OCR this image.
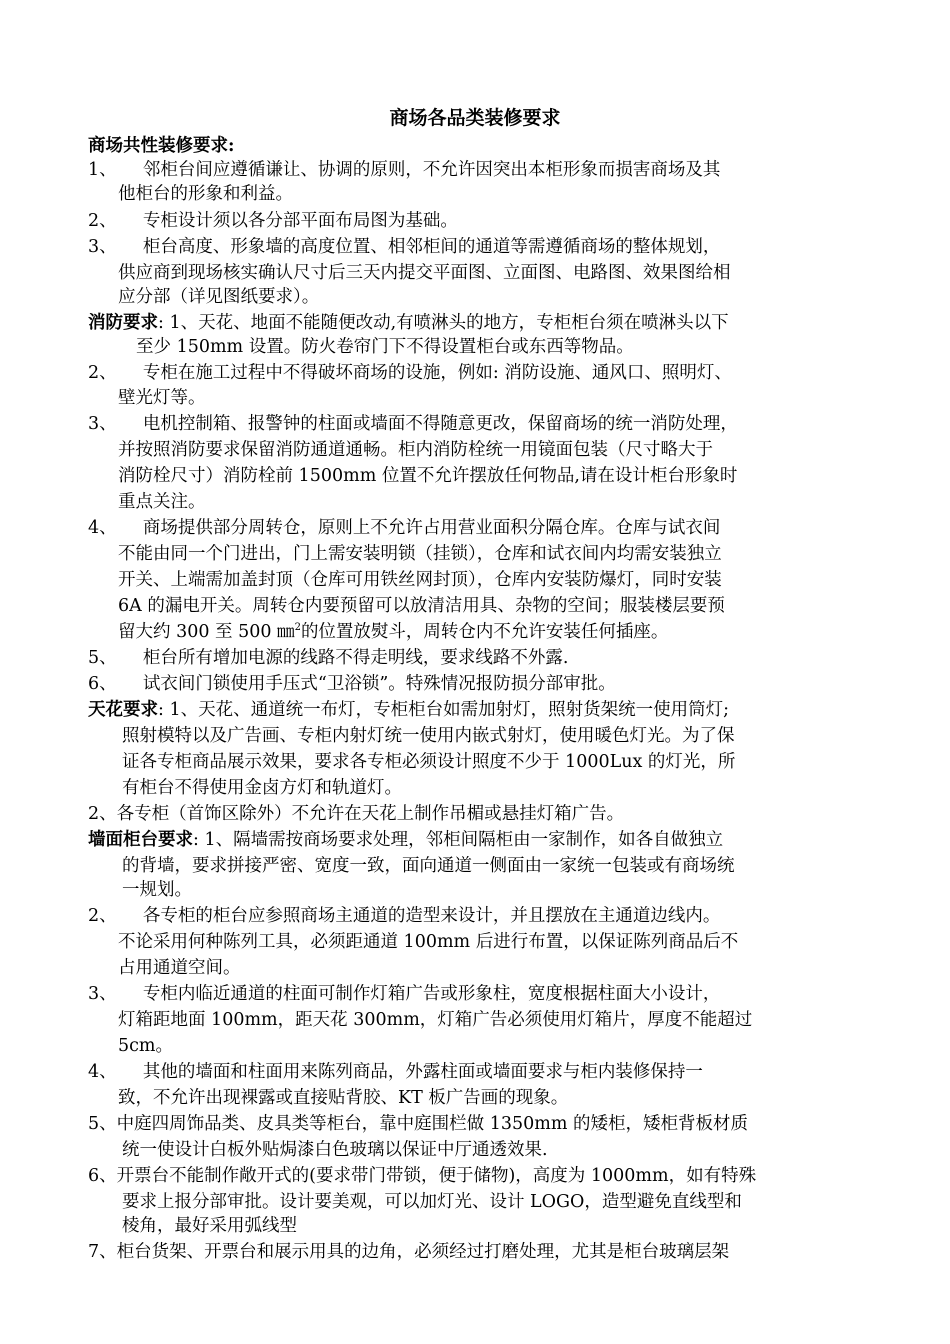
商场各品类装修要求
商场共性装修要求:
1、　　邻柜台间应遵循谦让、协调的原则，不允许因突出本柜形象而损害商场及其
他柜台的形象和利益。
2、　　专柜设计须以各分部平面布局图为基础。
3、　　柜台高度、形象墙的高度位置、相邻柜间的通道等需遵循商场的整体规划，
供应商到现场核实确认尺寸后三天内提交平面图、立面图、电路图、效果图给相
应分部（详见图纸要求）。
消防要求: 1、天花、地面不能随便改动,有喷淋头的地方，专柜柜台须在喷淋头以下
至少 150mm 设置。防火卷帘门下不得设置柜台或东西等物品。
2、　　专柜在施工过程中不得破坏商场的设施，例如: 消防设施、通风口、照明灯、
壁光灯等。
3、　　电机控制箱、报警钟的柱面或墙面不得随意更改，保留商场的统一消防处理，
并按照消防要求保留消防通道通畅。柜内消防栓统一用镜面包装（尺寸略大于
消防栓尺寸）消防栓前 1500mm 位置不允许摆放任何物品,请在设计柜台形象时
重点关注。
4、　　商场提供部分周转仓，原则上不允许占用营业面积分隔仓库。仓库与试衣间
不能由同一个门进出，门上需安装明锁（挂锁），仓库和试衣间内均需安装独立
开关、上端需加盖封顶（仓库可用铁丝网封顶），仓库内安装防爆灯，同时安装
6A 的漏电开关。周转仓内要预留可以放清洁用具、杂物的空间；服装楼层要预
留大约 300 至 500 ㎜$^2$的位置放熨斗，周转仓内不允许安装任何插座。
5、　　柜台所有增加电源的线路不得走明线，要求线路不外露.
6、　　试衣间门锁使用手压式“卫浴锁”。特殊情况报防损分部审批。
天花要求: 1、天花、通道统一布灯，专柜柜台如需加射灯，照射货架统一使用筒灯;
照射模特以及广告画、专柜内射灯统一使用内嵌式射灯，使用暖色灯光。为了保
证各专柜商品展示效果，要求各专柜必须设计照度不少于 1000Lux 的灯光，所
有柜台不得使用金卤方灯和轨道灯。
2、各专柜（首饰区除外）不允许在天花上制作吊楣或悬挂灯箱广告。
墙面柜台要求: 1、隔墙需按商场要求处理，邻柜间隔柜由一家制作，如各自做独立
的背墙，要求拼接严密、宽度一致，面向通道一侧面由一家统一包装或有商场统
一规划。
2、　　各专柜的柜台应参照商场主通道的造型来设计，并且摆放在主通道边线内。
不论采用何种陈列工具，必须距通道 100mm 后进行布置，以保证陈列商品后不
占用通道空间。
3、　　专柜内临近通道的柱面可制作灯箱广告或形象柱，宽度根据柱面大小设计，
灯箱距地面 100mm，距天花 300mm，灯箱广告必须使用灯箱片，厚度不能超过
5cm。
4、　　其他的墙面和柱面用来陈列商品，外露柱面或墙面要求与柜内装修保持一
致，不允许出现裸露或直接贴背胶、KT 板广告画的现象。
5、中庭四周饰品类、皮具类等柜台，靠中庭围栏做 1350mm 的矮柜，矮柜背板材质
统一使设计白板外贴焗漆白色玻璃以保证中厅通透效果.
6、开票台不能制作敞开式的(要求带门带锁，便于储物)，高度为 1000mm，如有特殊
要求上报分部审批。设计要美观，可以加灯光、设计 LOGO，造型避免直线型和
棱角，最好采用弧线型
7、柜台货架、开票台和展示用具的边角，必须经过打磨处理，尤其是柜台玻璃层架
